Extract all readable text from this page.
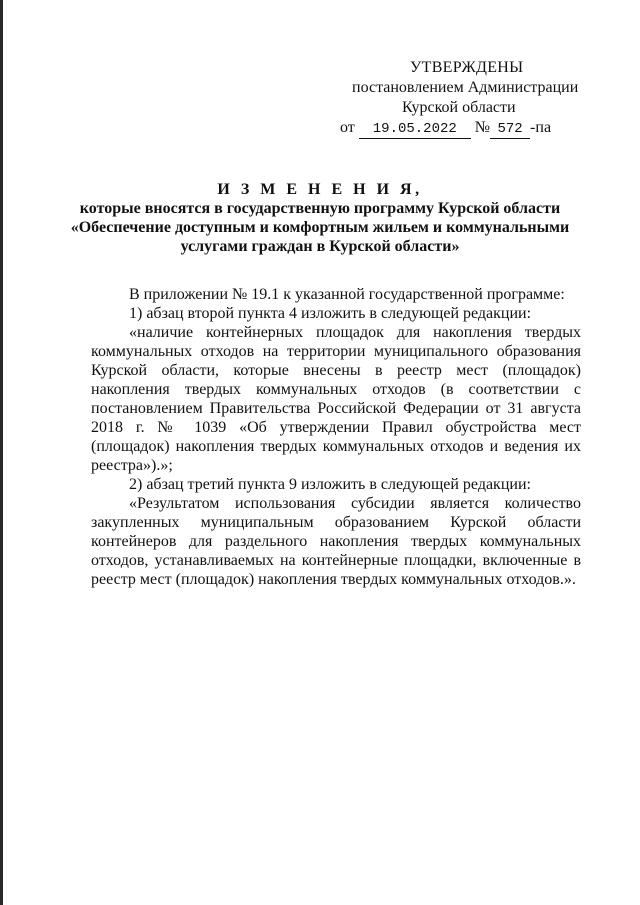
УТВЕРЖДЕНЫ
постановлением Администрации
Курской области
от 19.05.2022 № 572 -па
И З М Е Н Е Н И Я,
которые вносятся в государственную программу Курской области
«Обеспечение доступным и комфортным жильем и коммунальными
услугами граждан в Курской области»

В приложении № 19.1 к указанной государственной программе:

1) абзац второй пункта 4 изложить в следующей редакции:

«наличие контейнерных площадок для накопления твердых коммунальных отходов на территории муниципального образования Курской области, которые внесены в реестр мест (площадок) накопления твердых коммунальных отходов (в соответствии с постановлением Правительства Российской Федерации от 31 августа 2018 г. № 1039 «Об утверждении Правил обустройства мест (площадок) накопления твердых коммунальных отходов и ведения их реестра»).»;

2) абзац третий пункта 9 изложить в следующей редакции:

«Результатом использования субсидии является количество закупленных муниципальным образованием Курской области контейнеров для раздельного накопления твердых коммунальных отходов, устанавливаемых на контейнерные площадки, включенные в реестр мест (площадок) накопления твердых коммунальных отходов.».
